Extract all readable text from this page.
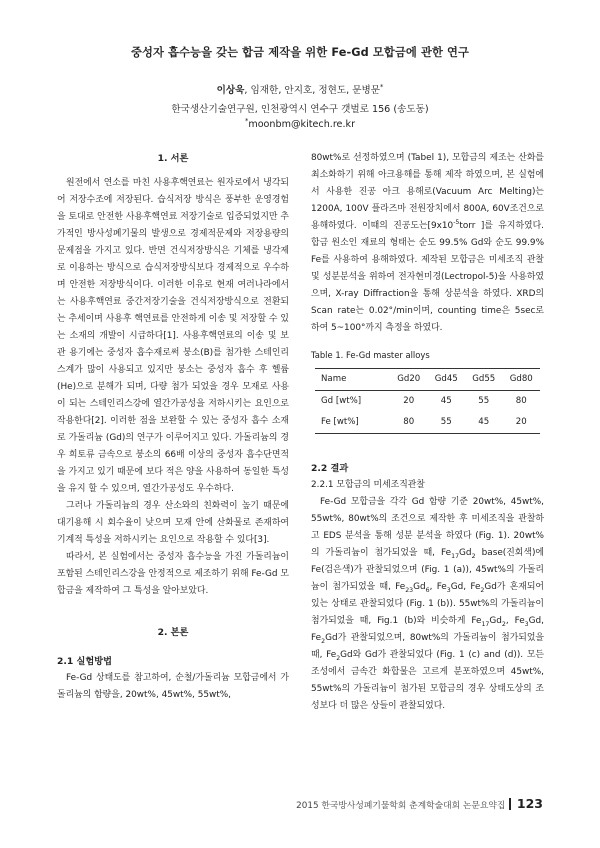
중성자 흡수능을 갖는 합금 제작을 위한 Fe-Gd 모합금에 관한 연구
이상욱, 임재한, 안지호, 정현도, 문병문*
한국생산기술연구원, 인천광역시 연수구 갯벌로 156 (송도동)
*moonbm@kitech.re.kr
1. 서론

원전에서 연소를 마친 사용후핵연료는 원자로에서 냉각되어 저장수조에 저장된다. 습식저장 방식은 풍부한 운영경험을 토대로 안전한 사용후핵연료 저장기술로 입증되었지만 추가적인 방사성폐기물의 발생으로 경제적문제와 저장용량의 문제점을 가지고 있다. 반면 건식저장방식은 기체를 냉각제로 이용하는 방식으로 습식저장방식보다 경제적으로 우수하며 안전한 저장방식이다. 이러한 이유로 현재 여러나라에서는 사용후핵연료 중간저장기술을 건식저장방식으로 전환되는 추세이며 사용후 핵연료를 안전하게 이송 및 저장할 수 있는 소재의 개발이 시급하다[1]. 사용후핵연료의 이송 및 보관 용기에는 중성자 흡수재로써 붕소(B)를 첨가한 스테인리스계가 많이 사용되고 있지만 붕소는 중성자 흡수 후 헬륨 (He)으로 분해가 되며, 다량 첨가 되었을 경우 모재로 사용이 되는 스테인리스강에 열간가공성을 저하시키는 요인으로 작용한다[2]. 이러한 점을 보완할 수 있는 중성자 흡수 소재로 가돌리늄 (Gd)의 연구가 이루어지고 있다. 가돌리늄의 경우 희토류 금속으로 붕소의 66배 이상의 중성자 흡수단면적을 가지고 있기 때문에 보다 적은 양을 사용하여 동일한 특성을 유지 할 수 있으며, 열간가공성도 우수하다.

그러나 가돌리늄의 경우 산소와의 친화력이 높기 때문에 대기용해 시 회수율이 낮으며 모재 안에 산화물로 존재하여 기계적 특성을 저하시키는 요인으로 작용할 수 있다[3].

따라서, 본 실험에서는 중성자 흡수능을 가진 가돌리늄이 포함된 스테인리스강을 안정적으로 제조하기 위해 Fe-Gd 모합금을 제작하여 그 특성을 알아보았다.

2. 본론
2.1 실험방법

Fe-Gd 상태도를 참고하여, 순철/가돌리늄 모합금에서 가돌리늄의 함량을, 20wt%, 45wt%, 55wt%,

80wt%로 선정하였으며 (Tabel 1), 모합금의 제조는 산화를 최소화하기 위해 아크용해를 통해 제작 하였으며, 본 실험에서 사용한 진공 아크 용해로(Vacuum Arc Melting)는 1200A, 100V 플라즈마 전원장치에서 800A, 60V조건으로 용해하였다. 이때의 진공도는[$9x10^{-5}torr$ ]를 유지하였다. 합금 원소인 재료의 형태는 순도 99.5% Gd와 순도 99.9% Fe를 사용하여 용해하였다. 제작된 모합금은 미세조직 관찰 및 성분분석을 위하여 전자현미경(Lectropol-5)을 사용하였으며, X-ray Diffraction을 통해 상분석을 하였다. XRD의 Scan rate는 0.02°/min이며, counting time은 5sec로 하여 5~100°까지 측정을 하였다.

Table 1. Fe-Gd master alloys
Name	Gd20	Gd45	Gd55	Gd80
Gd [wt%]	20	45	55	80
Fe [wt%]	80	55	45	20
2.2 결과
2.2.1 모합금의 미세조직관찰

Fe-Gd 모합금을 각각 Gd 함량 기준 20wt%, 45wt%, 55wt%, 80wt%의 조건으로 제작한 후 미세조직을 관찰하고 EDS 분석을 통해 성분 분석을 하였다 (Fig. 1). 20wt%의 가돌리늄이 첨가되었을 때, $Fe_{17}Gd_2$ base(진회색)에 Fe(검은색)가 관찰되었으며 (Fig. 1 (a)), 45wt%의 가돌리늄이 첨가되었을 때, $Fe_{23}Gd_6$, $Fe_3Gd$, $Fe_2Gd$가 혼재되어있는 상태로 관찰되었다 (Fig. 1 (b)). 55wt%의 가돌리늄이 첨가되었을 때, Fig.1 (b)와 비슷하게 $Fe_{17}Gd_2$, $Fe_3Gd$, $Fe_2Gd$가 관찰되었으며, 80wt%의 가돌리늄이 첨가되었을 때, $Fe_2Gd$와 Gd가 관찰되었다 (Fig. 1 (c) and (d)). 모든 조성에서 금속간 화합물은 고르게 분포하였으며 45wt%, 55wt%의 가돌리늄이 첨가된 모합금의 경우 상태도상의 조성보다 더 많은 상들이 관찰되었다.

2015 한국방사성폐기물학회 춘계학술대회 논문요약집 123
